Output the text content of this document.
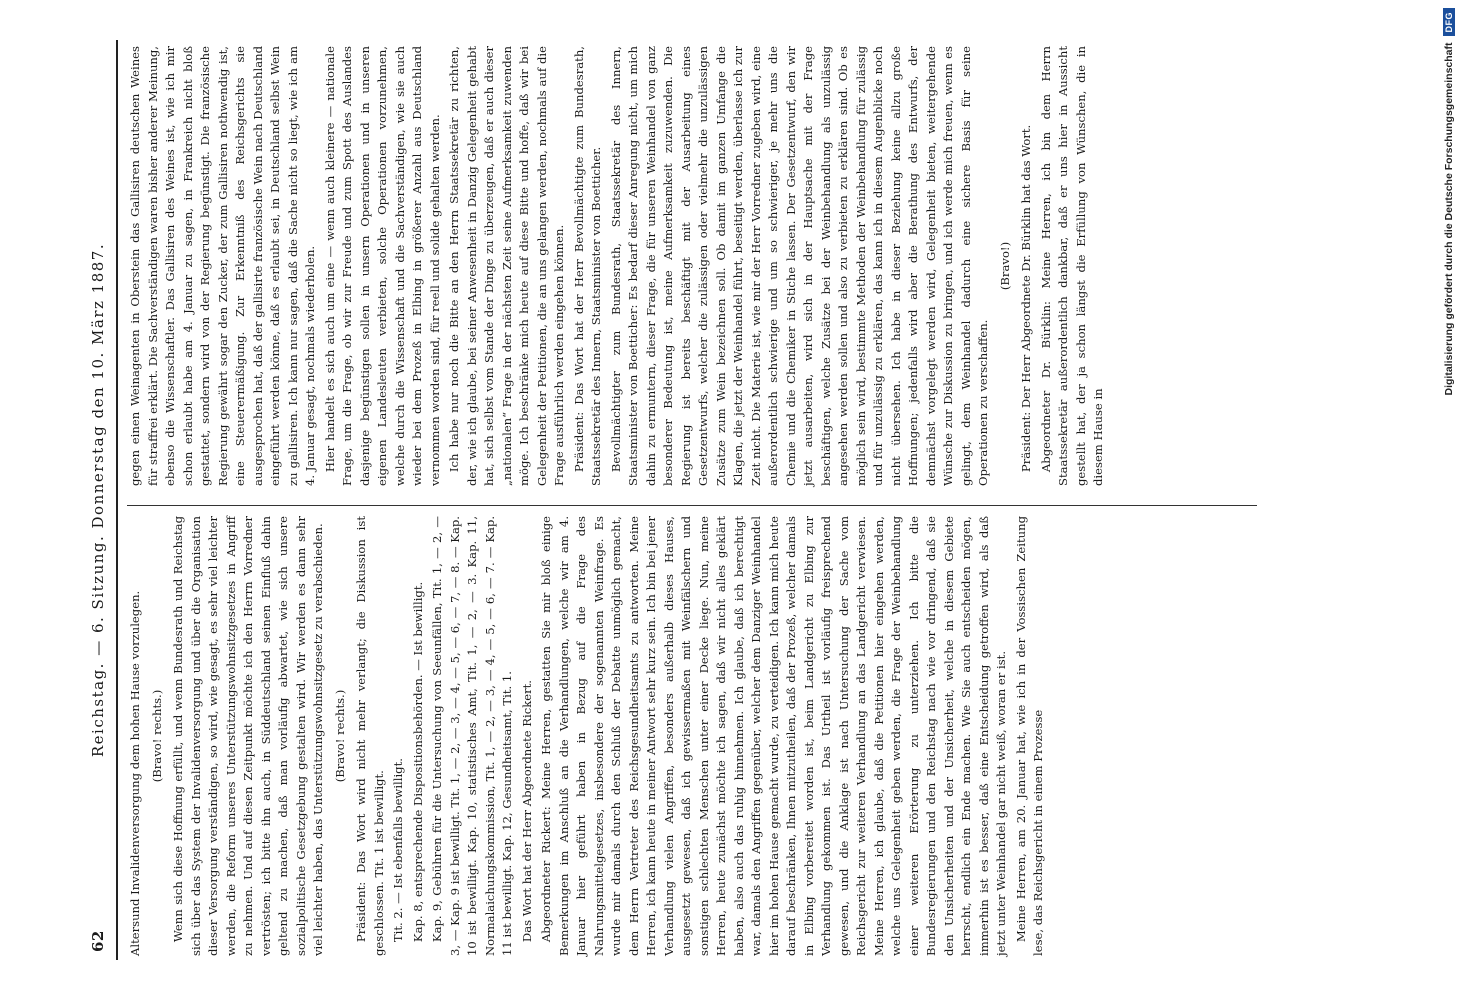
62
Reichstag. — 6. Sitzung. Donnerstag den 10. März 1887.

Altersund Invalidenversorgung dem hohen Hause vorzulegen. (Bravo! rechts.) Wenn sich diese Hoffnung erfüllt, und wenn Bundesrath und Reichstag sich über das System der Invalidenversorgung und über die Organisation dieser Versorgung verständigen, so wird, wie gesagt, es sehr viel leichter werden, die Reform unseres Unterstützungswohnsitzgesetzes in Angriff zu nehmen. Und auf diesen Zeitpunkt möchte ich den Herrn Vorredner vertrösten; ich bitte ihn auch, in Süddeutschland seinen Einfluß dahin geltend zu machen, daß man vorläufig abwartet, wie sich unsere sozialpolitische Gesetzgebung gestalten wird. Wir werden es dann sehr viel leichter haben, das Unterstützungswohnsitzgesetz zu verabschieden. (Bravo! rechts.) Präsident: Das Wort wird nicht mehr verlangt; die Diskussion ist geschlossen. Tit. 1 ist bewilligt. Tit. 2. — Ist ebenfalls bewilligt. Kap. 8, entsprechende Dispositionsbehörden. — Ist bewilligt. Kap. 9, Gebühren für die Untersuchung von Seeunfällen, Tit. 1, — 2, — 3, — Kap. 9 ist bewilligt. Tit. 1, — 2, — 3, — 4, — 5, — 6, — 7, — 8. — Kap. 10 ist bewilligt. Kap. 10, statistisches Amt, Tit. 1, — 2, — 3. Kap. 11, Normalaichungskommission, Tit. 1, — 2, — 3, — 4, — 5, — 6, — 7. — Kap. 11 ist bewilligt. Kap. 12, Gesundheitsamt, Tit. 1. Das Wort hat der Herr Abgeordnete Rickert. Abgeordneter Rickert: Meine Herren, gestatten Sie mir bloß einige Bemerkungen im Anschluß an die Verhandlungen, welche wir am 4. Januar hier geführt haben in Bezug auf die Frage des Nahrungsmittelgesetzes, insbesondere der sogenannten Weinfrage. Es wurde mir damals durch den Schluß der Debatte unmöglich gemacht, dem Herrn Vertreter des Reichsgesundheitsamts zu antworten. Meine Herren, ich kann heute in meiner Antwort sehr kurz sein. Ich bin bei jener Verhandlung vielen Angriffen, besonders außerhalb dieses Hauses, ausgesetzt gewesen, daß ich gewissermaßen mit Weinfälschern und sonstigen schlechten Menschen unter einer Decke liege. Nun, meine Herren, heute zunächst möchte ich sagen, daß wir nicht alles geklärt haben, also auch das ruhig hinnehmen. Ich glaube, daß ich berechtigt war, damals den Angriffen gegenüber, welcher dem Danziger Weinhandel hier im hohen Hause gemacht wurde, zu verteidigen. Ich kann mich heute darauf beschränken, Ihnen mitzutheilen, daß der Prozeß, welcher damals in Elbing vorbereitet worden ist, beim Landgericht zu Elbing zur Verhandlung gekommen ist. Das Urtheil ist vorläufig freisprechend gewesen, und die Anklage ist nach Untersuchung der Sache vom Reichsgericht zur weiteren Verhandlung an das Landgericht verwiesen. Meine Herren, ich glaube, daß die Petitionen hier eingehen werden, welche uns Gelegenheit geben werden, die Frage der Weinbehandlung einer weiteren Erörterung zu unterziehen. Ich bitte die Bundesregierungen und den Reichstag nach wie vor dringend, daß sie den Unsicherheiten und der Unsicherheit, welche in diesem Gebiete herrscht, endlich ein Ende machen. Wie Sie auch entscheiden mögen, immerhin ist es besser, daß eine Entscheidung getroffen wird, als daß jetzt unter Weinhandel gar nicht weiß, woran er ist. Meine Herren, am 20. Januar hat, wie ich in der Vossischen Zeitung lese, das Reichsgericht in einem Prozesse

gegen einen Weinagenten in Oberstein das Gallisiren deutschen Weines für straffrei erklärt. Die Sachverständigen waren bisher anderer Meinung, ebenso die Wissenschaftler. Das Gallisiren des Weines ist, wie ich mir schon erlaubt habe am 4. Januar zu sagen, in Frankreich nicht bloß gestattet, sondern wird von der Regierung begünstigt. Die französische Regierung gewährt sogar den Zucker, der zum Gallisiren nothwendig ist, eine Steuerermäßigung. Zur Erkenntniß des Reichsgerichts sie ausgesprochen hat, daß der gallisirte französische Wein nach Deutschland eingeführt werden könne, daß es erlaubt sei, in Deutschland selbst Wein zu gallisiren. Ich kann nur sagen, daß die Sache nicht so liegt, wie ich am 4. Januar gesagt, nochmals wiederholen. Hier handelt es sich auch um eine — wenn auch kleinere — nationale Frage, um die Frage, ob wir zur Freude und zum Spott des Auslandes dasjenige begünstigen sollen in unsern Operationen und in unseren eigenen Landesleuten verbieten, solche Operationen vorzunehmen, welche durch die Wissenschaft und die Sachverständigen, wie sie auch wieder bei dem Prozeß in Elbing in größerer Anzahl aus Deutschland vernommen worden sind, für reell und solide gehalten werden. Ich habe nur noch die Bitte an den Herrn Staatssekretär zu richten, der, wie ich glaube, bei seiner Anwesenheit in Danzig Gelegenheit gehabt hat, sich selbst vom Stande der Dinge zu überzeugen, daß er auch dieser „nationalen“ Frage in der nächsten Zeit seine Aufmerksamkeit zuwenden möge. Ich beschränke mich heute auf diese Bitte und hoffe, daß wir bei Gelegenheit der Petitionen, die an uns gelangen werden, nochmals auf die Frage ausführlich werden eingehen können. Präsident: Das Wort hat der Herr Bevollmächtigte zum Bundesrath, Staatssekretär des Innern, Staatsminister von Boetticher. Bevollmächtigter zum Bundesrath, Staatssekretär des Innern, Staatsminister von Boetticher: Es bedarf dieser Anregung nicht, um mich dahin zu ermuntern, dieser Frage, die für unseren Weinhandel von ganz besonderer Bedeutung ist, meine Aufmerksamkeit zuzuwenden. Die Regierung ist bereits beschäftigt mit der Ausarbeitung eines Gesetzentwurfs, welcher die zulässigen oder vielmehr die unzulässigen Zusätze zum Wein bezeichnen soll. Ob damit im ganzen Umfange die Klagen, die jetzt der Weinhandel führt, beseitigt werden, überlasse ich zur Zeit nicht. Die Materie ist, wie mir der Herr Vorredner zugeben wird, eine außerordentlich schwierige und um so schwieriger, je mehr uns die Chemie und die Chemiker in Stiche lassen. Der Gesetzentwurf, den wir jetzt ausarbeiten, wird sich in der Hauptsache mit der Frage beschäftigen, welche Zusätze bei der Weinbehandlung als unzulässig angesehen werden sollen und also zu verbieten zu erklären sind. Ob es möglich sein wird, bestimmte Methoden der Weinbehandlung für zulässig und für unzulässig zu erklären, das kann ich in diesem Augenblicke noch nicht übersehen. Ich habe in dieser Beziehung keine allzu große Hoffnungen; jedenfalls wird aber die Berathung des Entwurfs, der demnächst vorgelegt werden wird, Gelegenheit bieten, weitergehende Wünsche zur Diskussion zu bringen, und ich werde mich freuen, wenn es gelingt, dem Weinhandel dadurch eine sichere Basis für seine Operationen zu verschaffen.

(Bravo!) Präsident: Der Herr Abgeordnete Dr. Bürklin hat das Wort. Abgeordneter Dr. Bürklin: Meine Herren, ich bin dem Herrn Staatssekretär außerordentlich dankbar, daß er uns hier in Aussicht gestellt hat, der ja schon längst die Erfüllung von Wünschen, die in diesem Hause in

Digitalisierung gefördert durch die Deutsche Forschungsgemeinschaft
DFG
